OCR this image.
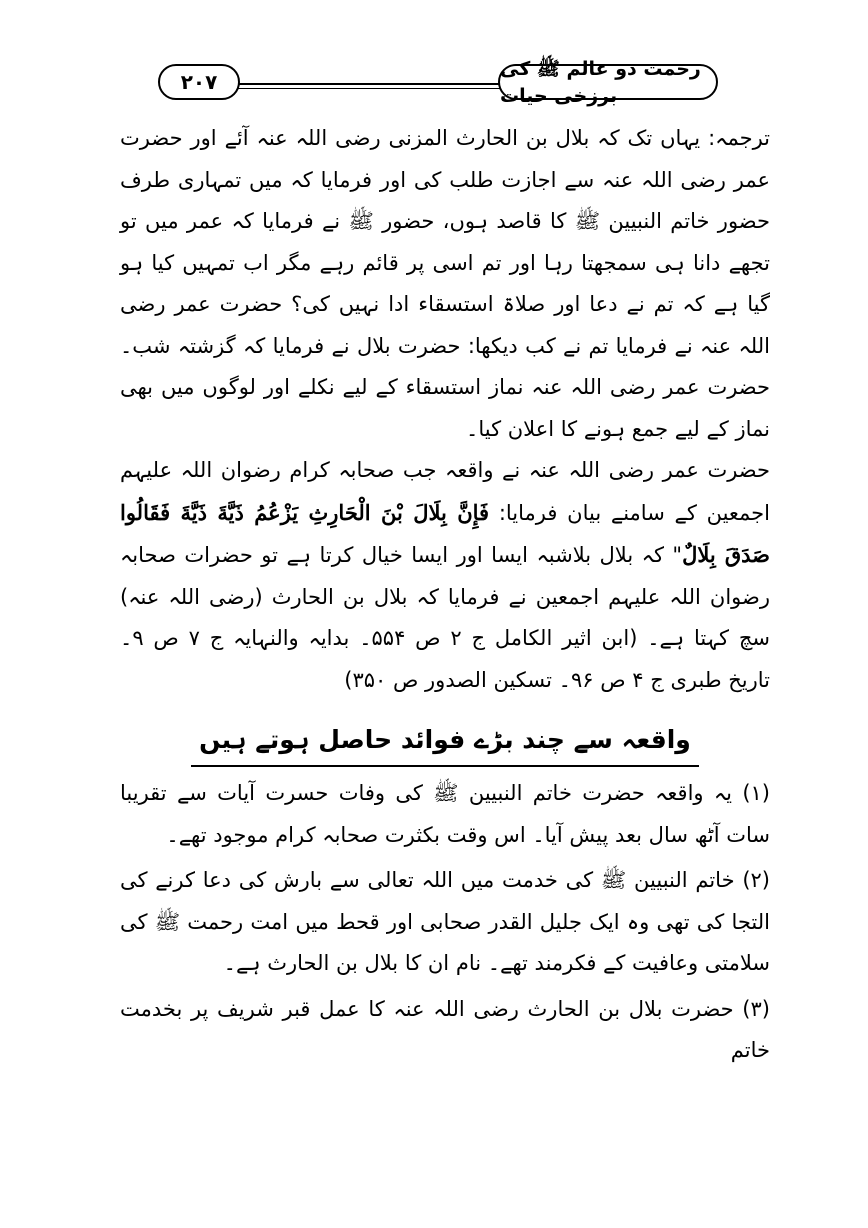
۲۰۷
رحمت دو عالم ﷺ کی برزخی حیات

ترجمہ: یہاں تک کہ بلال بن الحارث المزنی رضی اللہ عنہ آئے اور حضرت عمر رضی اللہ عنہ سے اجازت طلب کی اور فرمایا کہ میں تمہاری طرف حضور خاتم النبیین ﷺ کا قاصد ہوں، حضور ﷺ نے فرمایا کہ عمر میں تو تجھے دانا ہی سمجھتا رہا اور تم اسی پر قائم رہے مگر اب تمہیں کیا ہو گیا ہے کہ تم نے دعا اور صلاۃ استسقاء ادا نہیں کی؟ حضرت عمر رضی اللہ عنہ نے فرمایا تم نے کب دیکھا: حضرت بلال نے فرمایا کہ گزشتہ شب۔ حضرت عمر رضی اللہ عنہ نماز استسقاء کے لیے نکلے اور لوگوں میں بھی نماز کے لیے جمع ہونے کا اعلان کیا۔

حضرت عمر رضی اللہ عنہ نے واقعہ جب صحابہ کرام رضوان اللہ علیہم اجمعین کے سامنے بیان فرمایا: فَإِنَّ بِلَالَ بْنَ الْحَارِثِ يَزْعُمُ ذَيَّةَ ذَيَّةَ فَقَالُوا صَدَقَ بِلَالٌ" کہ بلال بلاشبہ ایسا اور ایسا خیال کرتا ہے تو حضرات صحابہ رضوان اللہ علیہم اجمعین نے فرمایا کہ بلال بن الحارث (رضی اللہ عنہ) سچ کہتا ہے۔ (ابن اثیر الکامل ج ۲ ص ۵۵۴۔ بدایہ والنہایہ ج ۷ ص ۹۔ تاریخ طبری ج ۴ ص ۹۶۔ تسکین الصدور ص ۳۵۰)

واقعہ سے چند بڑے فوائد حاصل ہوتے ہیں

(۱) یہ واقعہ حضرت خاتم النبیین ﷺ کی وفات حسرت آیات سے تقریبا سات آٹھ سال بعد پیش آیا۔ اس وقت بکثرت صحابہ کرام موجود تھے۔

(۲) خاتم النبیین ﷺ کی خدمت میں اللہ تعالی سے بارش کی دعا کرنے کی التجا کی تھی وہ ایک جلیل القدر صحابی اور قحط میں امت رحمت ﷺ کی سلامتی وعافیت کے فکرمند تھے۔ نام ان کا بلال بن الحارث ہے۔

(۳) حضرت بلال بن الحارث رضی اللہ عنہ کا عمل قبر شریف پر بخدمت خاتم
